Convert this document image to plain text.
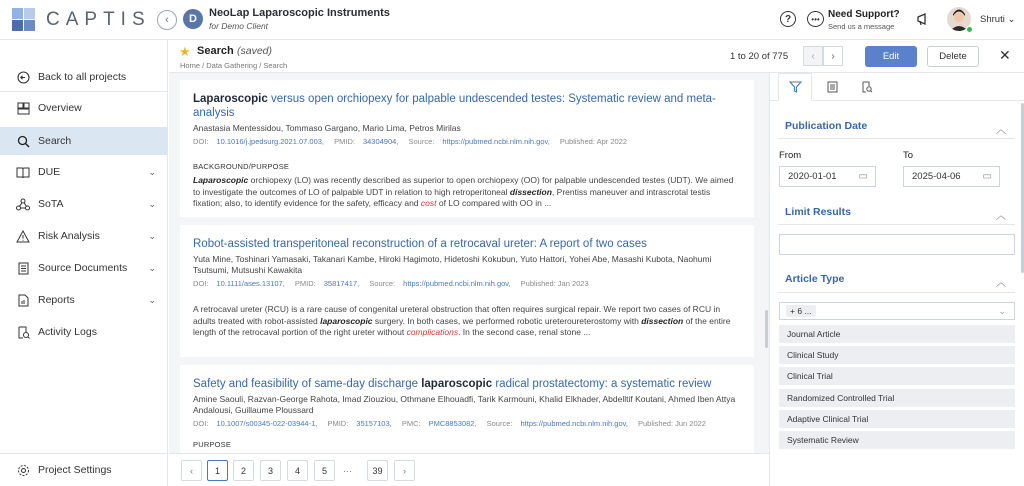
CAPTIS ‹	D	NeoLap Laparoscopic Instruments
for Demo Client
?	••• Need Support?
Send us a message
Shruti ⌄
Back to all projects
Overview
Search
DUE	⌄
SoTA	⌄
Risk Analysis	⌄
Source Documents ⌄
Reports	⌄
Activity Logs
Project Settings
★ Search (saved)
Home / Data Gathering / Search
1 to 20 of 775 ‹ ›	Edit	Delete	✕
Laparoscopic versus open orchiopexy for palpable undescended testes: Systematic review and meta-analysis
Anastasia Mentessidou, Tommaso Gargano, Mario Lima, Petros Mirilas
DOI: 10.1016/j.jpedsurg.2021.07.003, PMID: 34304904, Source: https://pubmed.ncbi.nlm.nih.gov, Published: Apr 2022
BACKGROUND/PURPOSE
Laparoscopic orchiopexy (LO) was recently described as superior to open orchiopexy (OO) for palpable undescended testes (UDT). We aimed to investigate the outcomes of LO of palpable UDT in relation to high retroperitoneal dissection, Prentiss maneuver and intrascrotal testis fixation; also, to identify evidence for the safety, efficacy and cost of LO compared with OO in ...
Robot-assisted transperitoneal reconstruction of a retrocaval ureter: A report of two cases
Yuta Mine, Toshinari Yamasaki, Takanari Kambe, Hiroki Hagimoto, Hidetoshi Kokubun, Yuto Hattori, Yohei Abe, Masashi Kubota, Naohumi Tsutsumi, Mutsushi Kawakita
DOI: 10.1111/ases.13107, PMID: 35817417, Source: https://pubmed.ncbi.nlm.nih.gov, Published: Jan 2023
A retrocaval ureter (RCU) is a rare cause of congenital ureteral obstruction that often requires surgical repair. We report two cases of RCU in adults treated with robot-assisted laparoscopic surgery. In both cases, we performed robotic ureteroureterostomy with dissection of the entire length of the retrocaval portion of the right ureter without complications. In the second case, renal stone ...
Safety and feasibility of same-day discharge laparoscopic radical prostatectomy: a systematic review
Amine Saouli, Razvan-George Rahota, Imad Ziouziou, Othmane Elhouadfi, Tarik Karmouni, Khalid Elkhader, Abdelltif Koutani, Ahmed Iben Attya Andalousi, Guillaume Ploussard
DOI: 10.1007/s00345-022-03944-1, PMID: 35157103, PMC: PMC8853082, Source: https://pubmed.ncbi.nlm.nih.gov, Published: Jun 2022
PURPOSE
‹	1	2	3	4	5	···	39	›
Publication Date	︿
From	To
2020-01-01 ▭	2025-04-06 ▭
Limit Results	︿
Article Type	︿
+ 6 ...	⌄
Journal Article
Clinical Study
Clinical Trial
Randomized Controlled Trial
Adaptive Clinical Trial
Systematic Review
